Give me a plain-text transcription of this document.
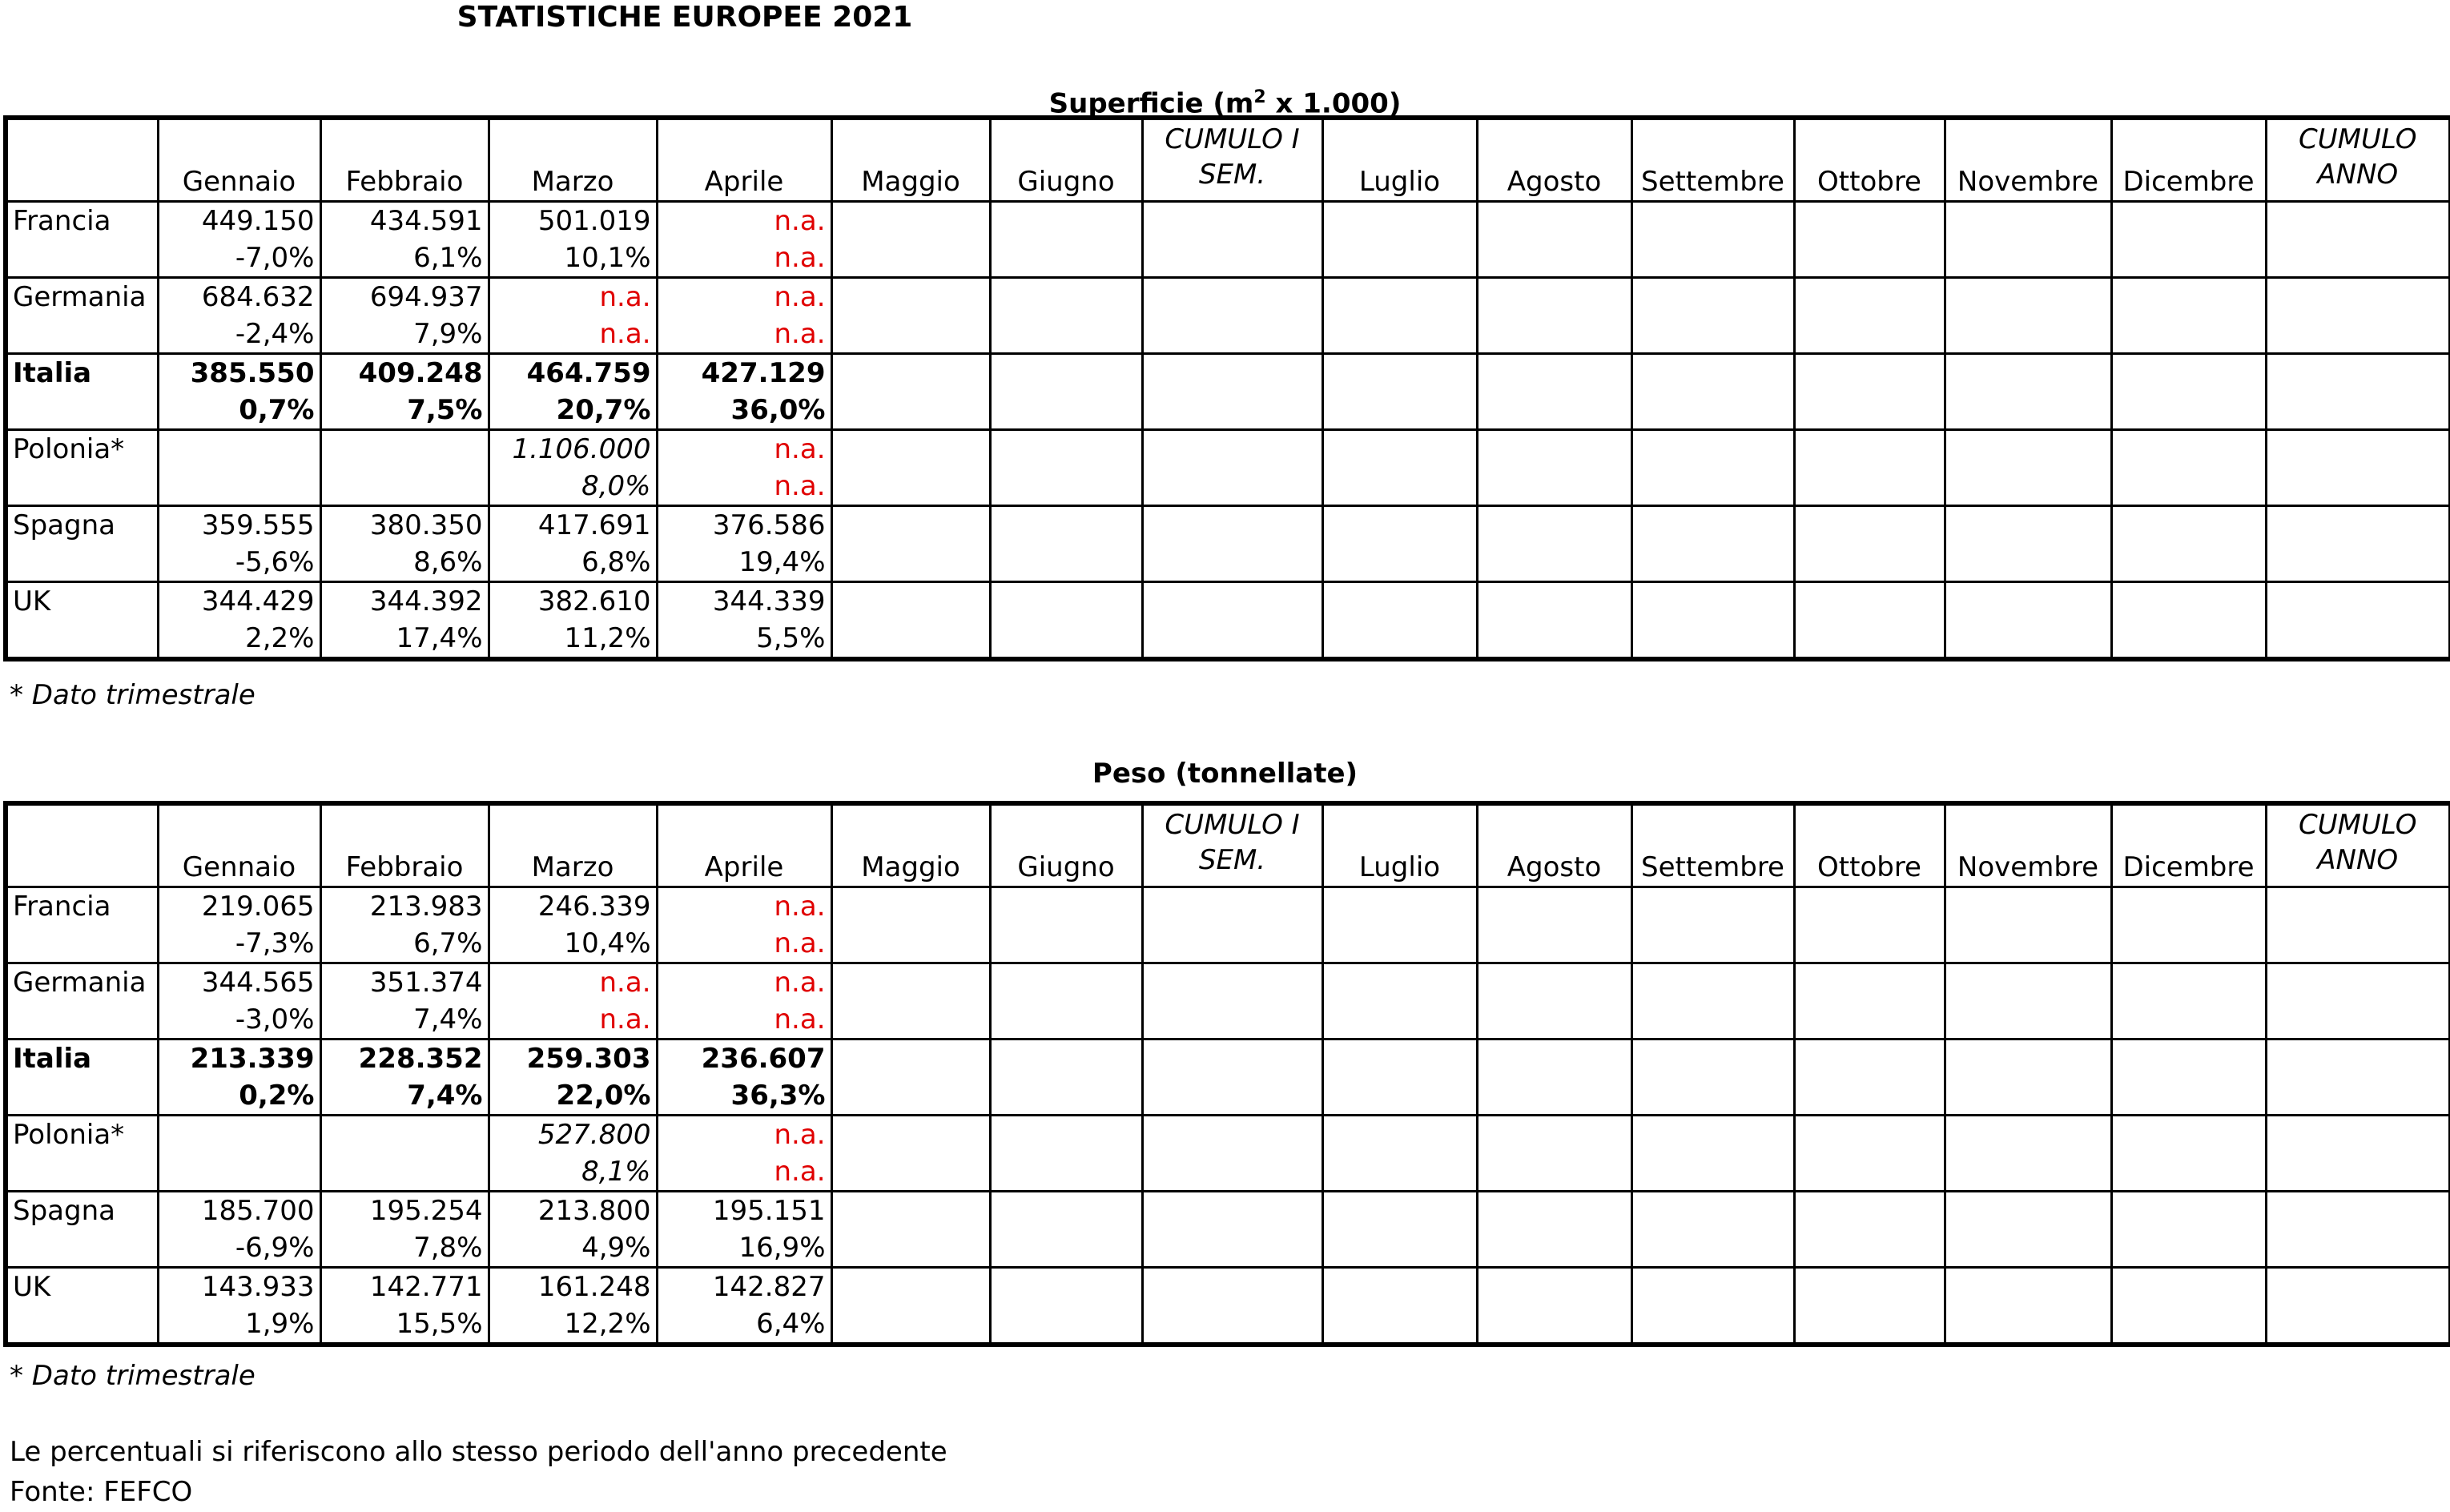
STATISTICHE EUROPEE 2021
Superficie ($m^2$ x 1.000)
	Gennaio	Febbraio	Marzo	Aprile	Maggio	Giugno	CUMULO I SEM.	Luglio	Agosto	Settembre	Ottobre	Novembre	Dicembre	CUMULO ANNO
Francia	449.150	434.591	501.019	n.a.										
	-7,0%	6,1%	10,1%	n.a.										
Germania	684.632	694.937	n.a.	n.a.										
	-2,4%	7,9%	n.a.	n.a.										
Italia	385.550	409.248	464.759	427.129										
	0,7%	7,5%	20,7%	36,0%										
Polonia*			1.106.000	n.a.										
			8,0%	n.a.										
Spagna	359.555	380.350	417.691	376.586										
	-5,6%	8,6%	6,8%	19,4%										
UK	344.429	344.392	382.610	344.339										
	2,2%	17,4%	11,2%	5,5%										
* Dato trimestrale
Peso (tonnellate)
	Gennaio	Febbraio	Marzo	Aprile	Maggio	Giugno	CUMULO I SEM.	Luglio	Agosto	Settembre	Ottobre	Novembre	Dicembre	CUMULO ANNO
Francia	219.065	213.983	246.339	n.a.										
	-7,3%	6,7%	10,4%	n.a.										
Germania	344.565	351.374	n.a.	n.a.										
	-3,0%	7,4%	n.a.	n.a.										
Italia	213.339	228.352	259.303	236.607										
	0,2%	7,4%	22,0%	36,3%										
Polonia*			527.800	n.a.										
			8,1%	n.a.										
Spagna	185.700	195.254	213.800	195.151										
	-6,9%	7,8%	4,9%	16,9%										
UK	143.933	142.771	161.248	142.827										
	1,9%	15,5%	12,2%	6,4%										
* Dato trimestrale
Le percentuali si riferiscono allo stesso periodo dell'anno precedente
Fonte: FEFCO
